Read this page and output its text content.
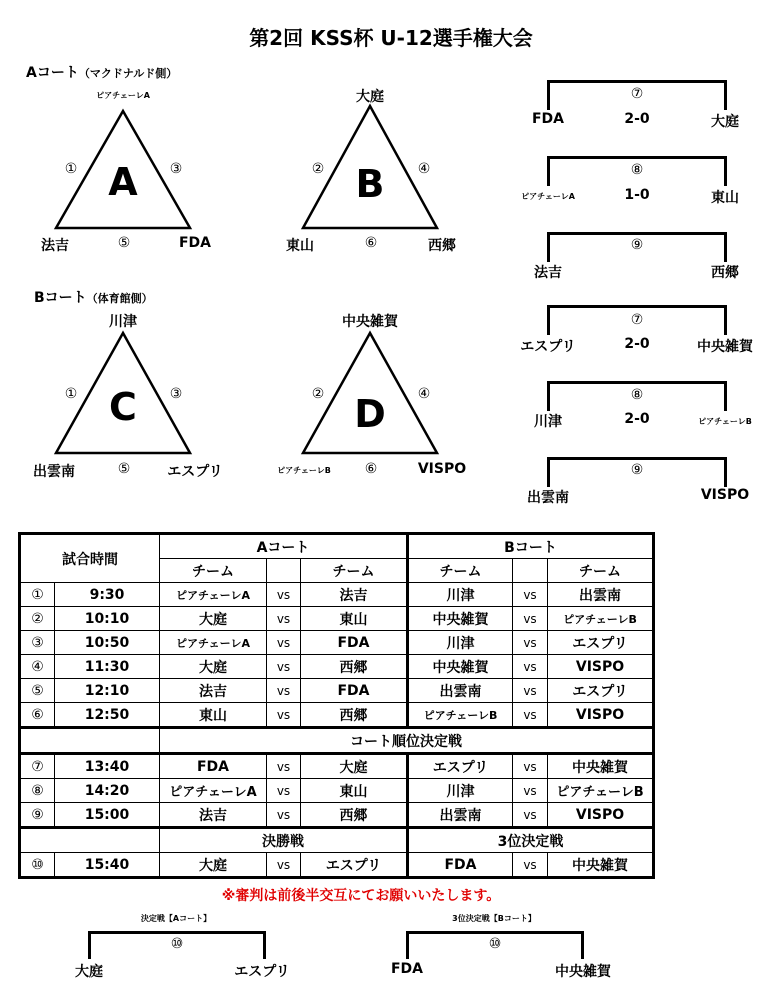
第2回 KSS杯 U-12選手権大会
Aコート（マクドナルド側）
Bコート（体育館側）
A
ピアチェーレA
法吉	FDA
①	③
⑤
B
大庭
東山	西郷
②	④
⑥
C
川津
出雲南	エスプリ
①	③
⑤
D
中央雑賀
ピアチェーレB	VISPO
②	④
⑥
⑦
FDA	2-0	大庭
⑧
ピアチェーレA	1-0	東山
⑨
法吉	西郷
⑦
エスプリ	2-0	中央雑賀
⑧
川津	2-0	ピアチェーレB
⑨
出雲南	VISPO
試合時間		Aコート			Bコート		
		チーム		チーム	チーム		チーム
①	9:30	ピアチェーレA	vs	法吉	川津	vs	出雲南
②	10:10	大庭	vs	東山	中央雑賀	vs	ピアチェーレB
③	10:50	ピアチェーレA	vs	FDA	川津	vs	エスプリ
④	11:30	大庭	vs	西郷	中央雑賀	vs	VISPO
⑤	12:10	法吉	vs	FDA	出雲南	vs	エスプリ
⑥	12:50	東山	vs	西郷	ピアチェーレB	vs	VISPO
		コート順位決定戦					
⑦	13:40	FDA	vs	大庭	エスプリ	vs	中央雑賀
⑧	14:20	ピアチェーレA	vs	東山	川津	vs	ピアチェーレB
⑨	15:00	法吉	vs	西郷	出雲南	vs	VISPO
		決勝戦			3位決定戦		
⑩	15:40	大庭	vs	エスプリ	FDA	vs	中央雑賀
※審判は前後半交互にてお願いいたします。
決定戦【Aコート】
⑩
大庭	エスプリ
3位決定戦【Bコート】
⑩
FDA	中央雑賀
